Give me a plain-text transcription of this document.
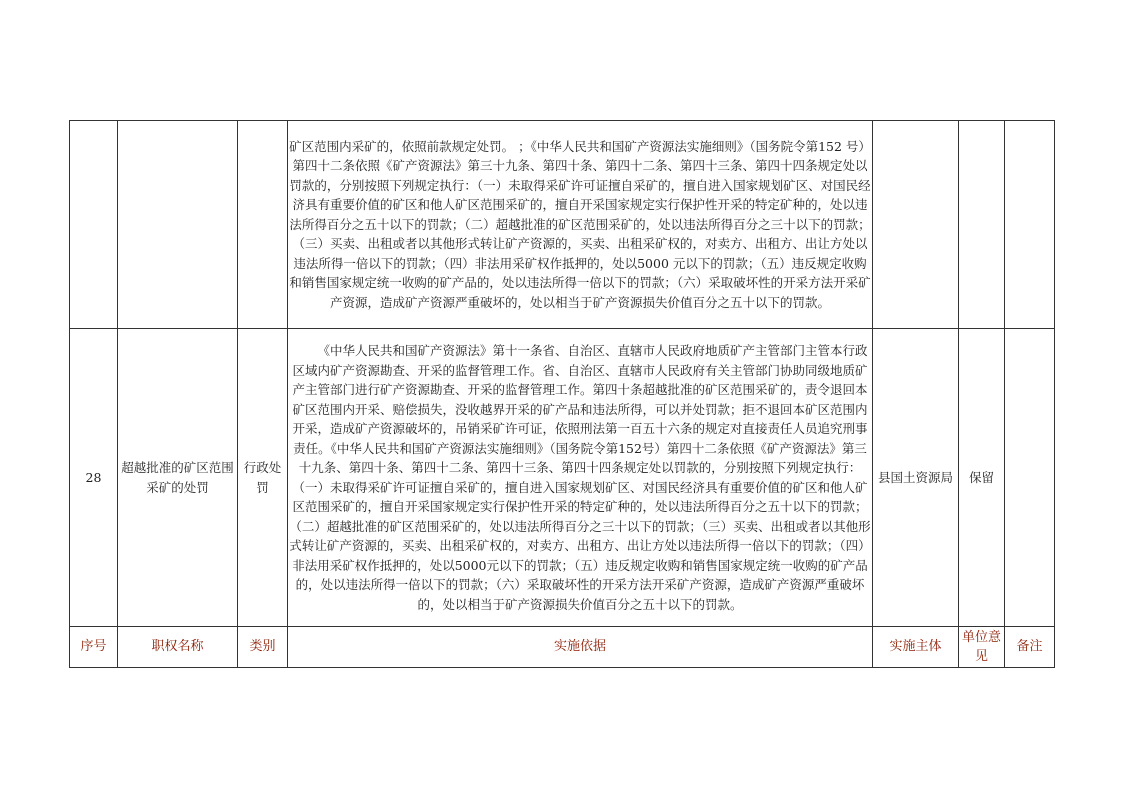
			矿区范围内采矿的，依照前款规定处罚。 ；《中华人民共和国矿产资源法实施细则》（国务院令第152 号）第四十二条依照《矿产资源法》第三十九条、第四十条、第四十二条、第四十三条、第四十四条规定处以罚款的，分别按照下列规定执行：（一）未取得采矿许可证擅自采矿的，擅自进入国家规划矿区、对国民经济具有重要价值的矿区和他人矿区范围采矿的，擅自开采国家规定实行保护性开采的特定矿种的，处以违法所得百分之五十以下的罚款；（二）超越批准的矿区范围采矿的，处以违法所得百分之三十以下的罚款；（三）买卖、出租或者以其他形式转让矿产资源的，买卖、出租采矿权的，对卖方、出租方、出让方处以违法所得一倍以下的罚款；（四）非法用采矿权作抵押的，处以5000 元以下的罚款；（五）违反规定收购和销售国家规定统一收购的矿产品的，处以违法所得一倍以下的罚款；（六）采取破坏性的开采方法开采矿产资源，造成矿产资源严重破坏的，处以相当于矿产资源损失价值百分之五十以下的罚款。			

28	超越批准的矿区范围采矿的处罚	行政处罚	《中华人民共和国矿产资源法》第十一条省、自治区、直辖市人民政府地质矿产主管部门主管本行政区域内矿产资源勘查、开采的监督管理工作。省、自治区、直辖市人民政府有关主管部门协助同级地质矿产主管部门进行矿产资源勘查、开采的监督管理工作。第四十条超越批准的矿区范围采矿的，责令退回本矿区范围内开采、赔偿损失，没收越界开采的矿产品和违法所得，可以并处罚款；拒不退回本矿区范围内开采，造成矿产资源破坏的，吊销采矿许可证，依照刑法第一百五十六条的规定对直接责任人员追究刑事责任。《中华人民共和国矿产资源法实施细则》（国务院令第152号）第四十二条依照《矿产资源法》第三十九条、第四十条、第四十二条、第四十三条、第四十四条规定处以罚款的，分别按照下列规定执行：（一）未取得采矿许可证擅自采矿的，擅自进入国家规划矿区、对国民经济具有重要价值的矿区和他人矿区范围采矿的，擅自开采国家规定实行保护性开采的特定矿种的，处以违法所得百分之五十以下的罚款；（二）超越批准的矿区范围采矿的，处以违法所得百分之三十以下的罚款；（三）买卖、出租或者以其他形式转让矿产资源的，买卖、出租采矿权的，对卖方、出租方、出让方处以违法所得一倍以下的罚款；（四）非法用采矿权作抵押的，处以5000元以下的罚款；（五）违反规定收购和销售国家规定统一收购的矿产品的，处以违法所得一倍以下的罚款；（六）采取破坏性的开采方法开采矿产资源，造成矿产资源严重破坏的，处以相当于矿产资源损失价值百分之五十以下的罚款。	县国土资源局	保留	
序号	职权名称	类别	实施依据	实施主体	单位意见	备注
